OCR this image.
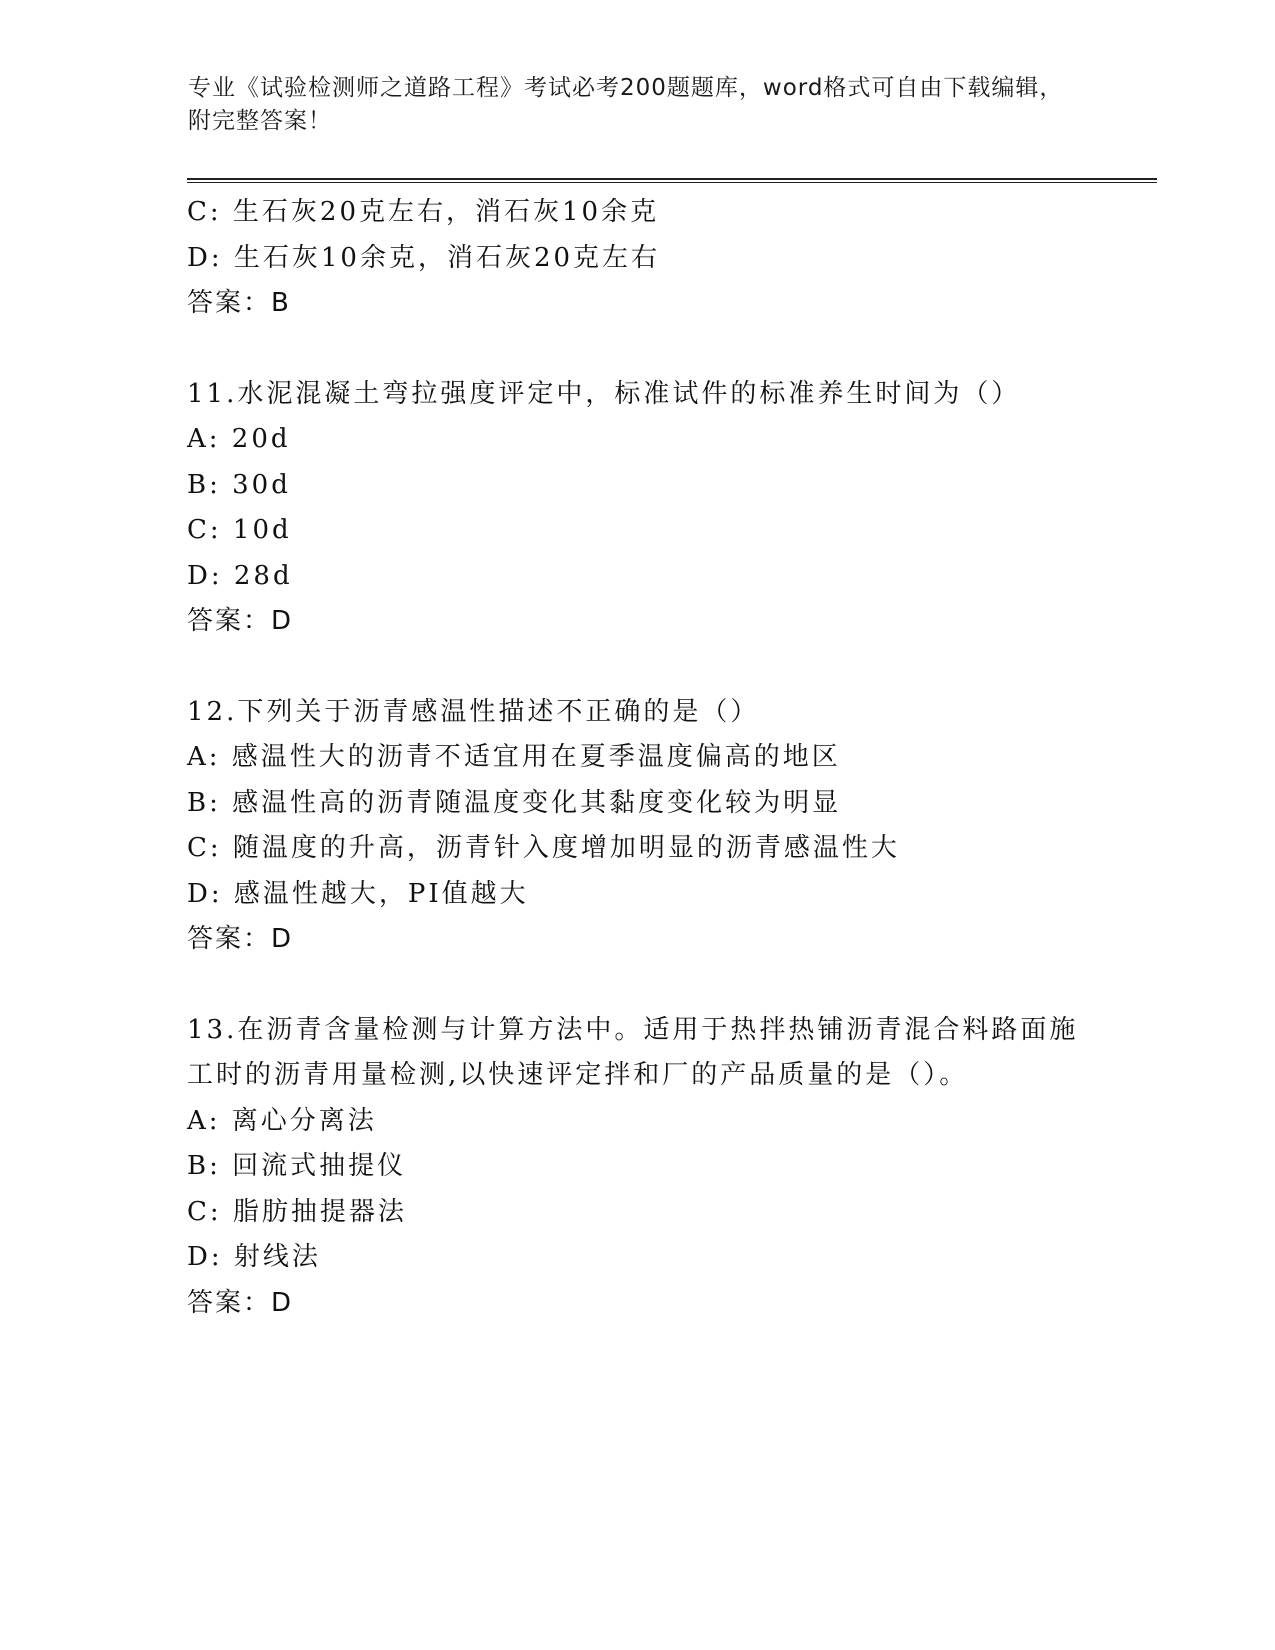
专业《试验检测师之道路工程》考试必考200题题库，word格式可自由下载编辑，附完整答案！
C: 生石灰20克左右，消石灰10余克
D: 生石灰10余克，消石灰20克左右
答案：B
11.水泥混凝土弯拉强度评定中，标准试件的标准养生时间为（）
A: 20d
B: 30d
C: 10d
D: 28d
答案：D
12.下列关于沥青感温性描述不正确的是（）
A: 感温性大的沥青不适宜用在夏季温度偏高的地区
B: 感温性高的沥青随温度变化其黏度变化较为明显
C: 随温度的升高，沥青针入度增加明显的沥青感温性大
D: 感温性越大，PI值越大
答案：D
13.在沥青含量检测与计算方法中。适用于热拌热铺沥青混合料路面施工时的沥青用量检测,以快速评定拌和厂的产品质量的是（）。
A: 离心分离法
B: 回流式抽提仪
C: 脂肪抽提器法
D: 射线法
答案：D
